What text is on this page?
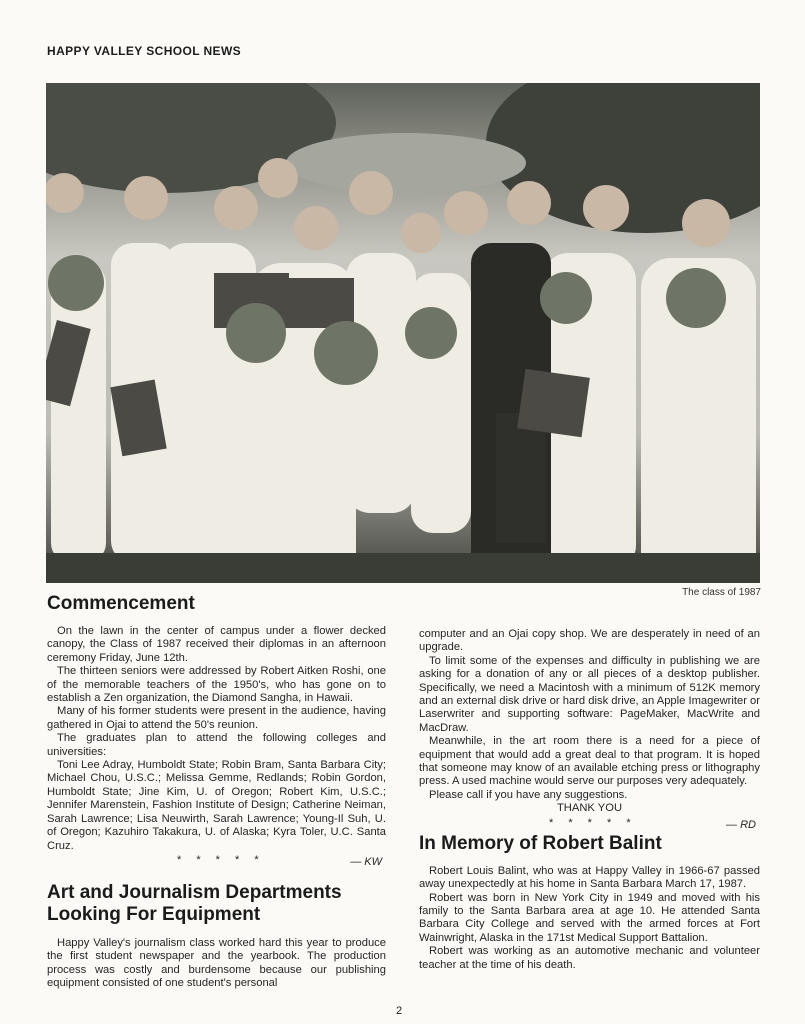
HAPPY VALLEY SCHOOL NEWS
The class of 1987
Commencement

On the lawn in the center of campus under a flower decked canopy, the Class of 1987 received their diplomas in an afternoon ceremony Friday, June 12th.

The thirteen seniors were addressed by Robert Aitken Roshi, one of the memorable teachers of the 1950's, who has gone on to establish a Zen organization, the Diamond Sangha, in Hawaii.

Many of his former students were present in the audience, having gathered in Ojai to attend the 50's reunion.

The graduates plan to attend the following colleges and universities:

Toni Lee Adray, Humboldt State; Robin Bram, Santa Barbara City; Michael Chou, U.S.C.; Melissa Gemme, Redlands; Robin Gordon, Humboldt State; Jine Kim, U. of Oregon; Robert Kim, U.S.C.; Jennifer Marenstein, Fashion Institute of Design; Catherine Neiman, Sarah Lawrence; Lisa Neuwirth, Sarah Lawrence; Young-Il Suh, U. of Oregon; Kazuhiro Takakura, U. of Alaska; Kyra Toler, U.C. Santa Cruz.

* * * * *	— KW
Art and Journalism Departments
Looking For Equipment

Happy Valley's journalism class worked hard this year to produce the first student newspaper and the yearbook. The production process was costly and burdensome because our publishing equipment consisted of one student's personal

computer and an Ojai copy shop. We are desperately in need of an upgrade.

To limit some of the expenses and difficulty in publishing we are asking for a donation of any or all pieces of a desktop publisher. Specifically, we need a Macintosh with a minimum of 512K memory and an external disk drive or hard disk drive, an Apple Imagewriter or Laserwriter and supporting software: PageMaker, MacWrite and MacDraw.

Meanwhile, in the art room there is a need for a piece of equipment that would add a great deal to that program. It is hoped that someone may know of an available etching press or lithography press. A used machine would serve our purposes very adequately.

Please call if you have any suggestions.

THANK YOU
* * * * *	— RD
In Memory of Robert Balint

Robert Louis Balint, who was at Happy Valley in 1966-67 passed away unexpectedly at his home in Santa Barbara March 17, 1987.

Robert was born in New York City in 1949 and moved with his family to the Santa Barbara area at age 10. He attended Santa Barbara City College and served with the armed forces at Fort Wainwright, Alaska in the 171st Medical Support Battalion.

Robert was working as an automotive mechanic and volunteer teacher at the time of his death.

2
